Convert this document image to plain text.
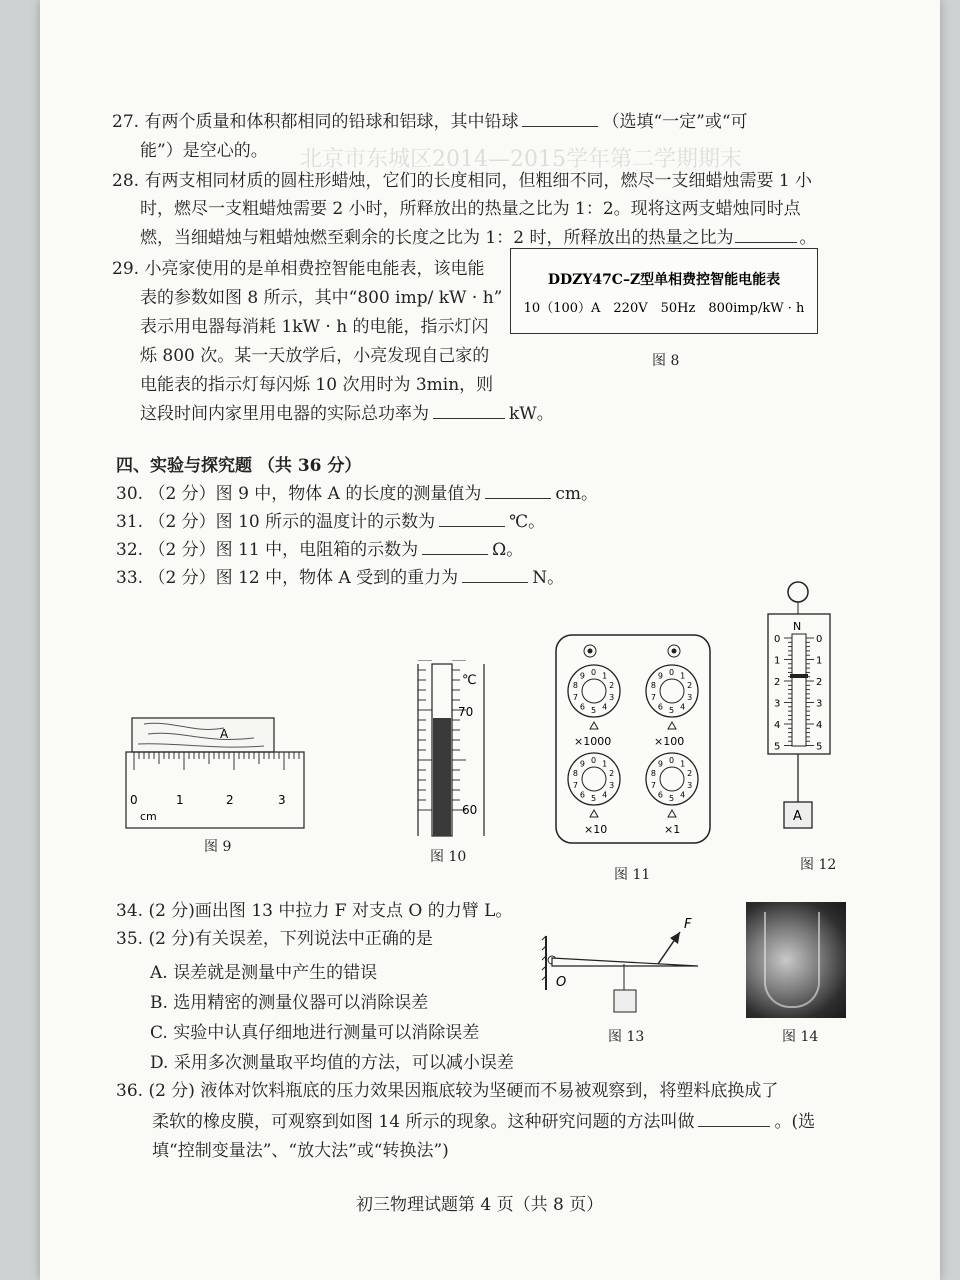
北京市东城区2014—2015学年第二学期期末
27. 有两个质量和体积都相同的铅球和铝球，其中铅球	（选填“一定”或“可
能”）是空心的。
28. 有两支相同材质的圆柱形蜡烛，它们的长度相同，但粗细不同，燃尽一支细蜡烛需要 1 小
时，燃尽一支粗蜡烛需要 2 小时，所释放出的热量之比为 1：2。现将这两支蜡烛同时点
燃，当细蜡烛与粗蜡烛燃至剩余的长度之比为 1：2 时，所释放出的热量之比为	。
29. 小亮家使用的是单相费控智能电能表，该电能
表的参数如图 8 所示，其中“800 imp/ kW · h”
表示用电器每消耗 1kW · h 的电能，指示灯闪
烁 800 次。某一天放学后，小亮发现自己家的
电能表的指示灯每闪烁 10 次用时为 3min，则
这段时间内家里用电器的实际总功率为	kW。
DDZY47C–Z型单相费控智能电能表
10（100）A　220V　50Hz　800imp/kW · h
图 8
四、实验与探究题 （共 36 分）
30. （2 分）图 9 中，物体 A 的长度的测量值为	cm。
31. （2 分）图 10 所示的温度计的示数为	℃。
32. （2 分）图 11 中，电阻箱的示数为	Ω。
33. （2 分）图 12 中，物体 A 受到的重力为	N。
A
0	1	2	3
cm
图 9
℃
70
60
图 10
0 1
2
3
4
5
6
7
8
9	0 1
2
3
4
5
6
7
8
9
0 1
2
3
4
5
6
7
8
9	0 1
2
3
4
5
6
7
8
9
×1000	×100
×10	×1
图 11
N
0	0
1	1
2	2
3	3
4	4
5	5
A
图 12
34. (2 分)画出图 13 中拉力 F 对支点 O 的力臂 L。
35. (2 分)有关误差，下列说法中正确的是
A. 误差就是测量中产生的错误
B. 选用精密的测量仪器可以消除误差
C. 实验中认真仔细地进行测量可以消除误差
D. 采用多次测量取平均值的方法，可以减小误差
F
O
图 13	图 14
36. (2 分) 液体对饮料瓶底的压力效果因瓶底较为坚硬而不易被观察到，将塑料底换成了
柔软的橡皮膜，可观察到如图 14 所示的现象。这种研究问题的方法叫做	。(选
填“控制变量法”、“放大法”或“转换法”)
初三物理试题第 4 页（共 8 页）
